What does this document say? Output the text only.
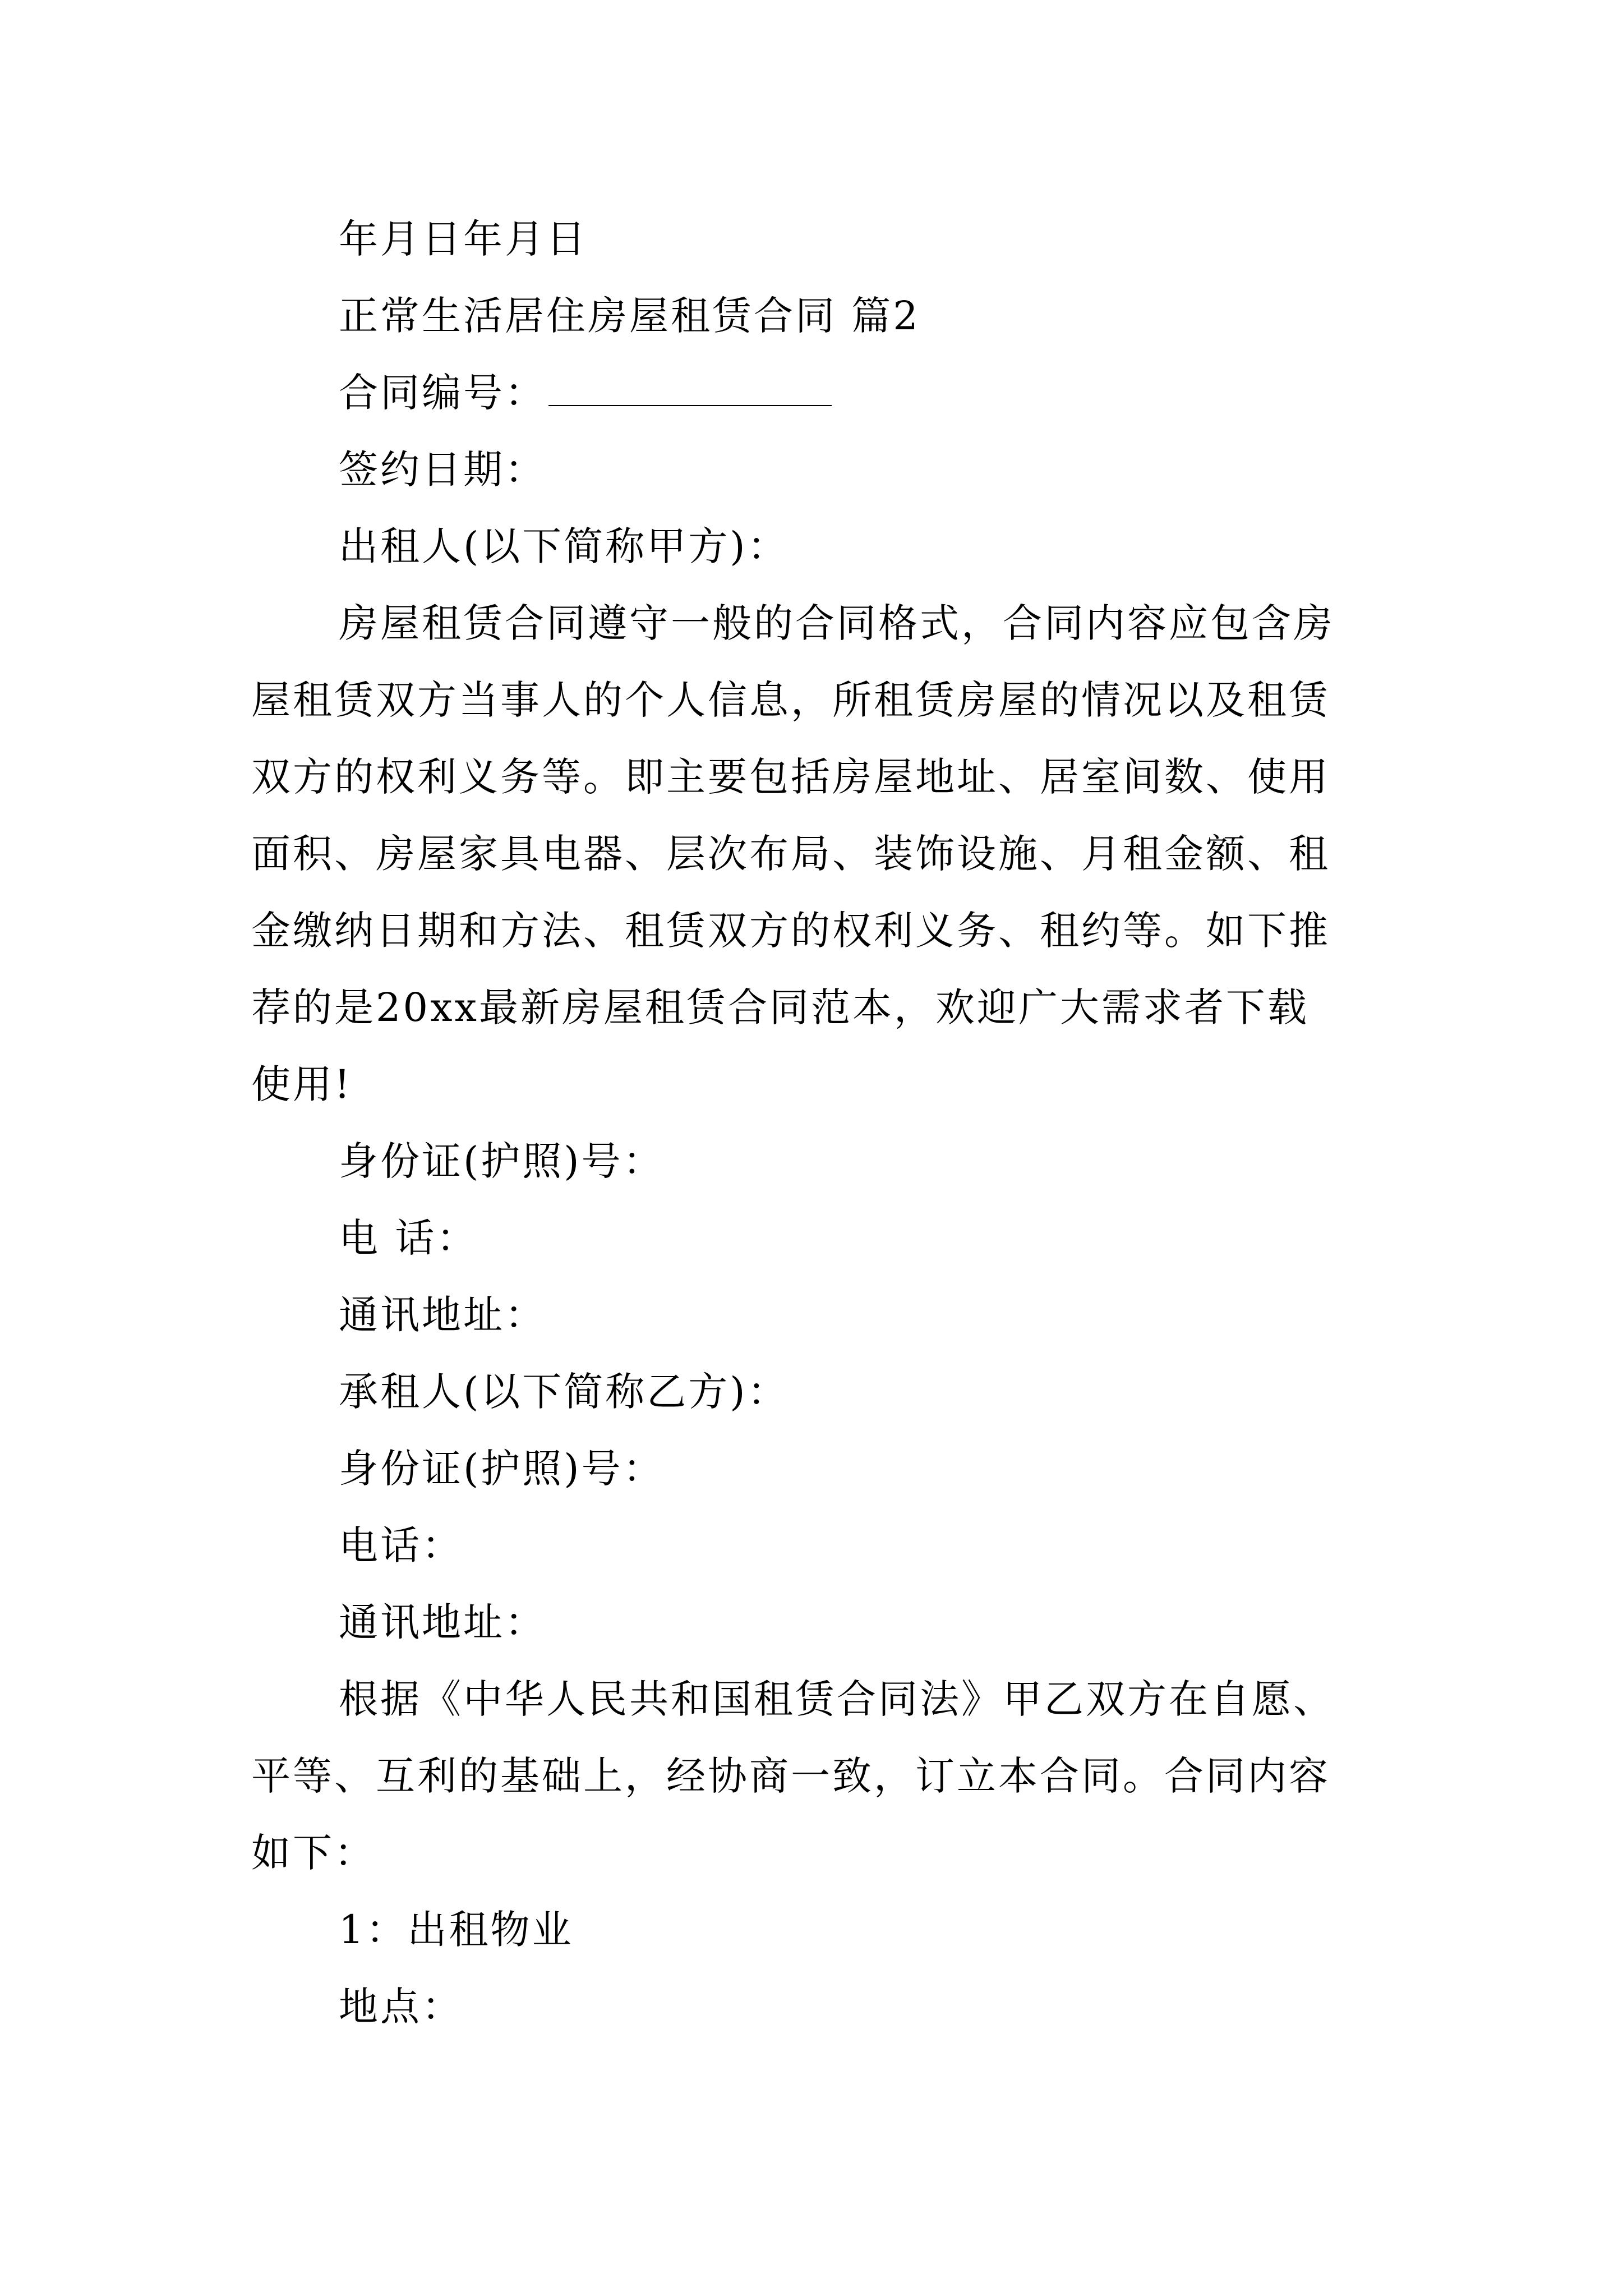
年月日年月日
正常生活居住房屋租赁合同 篇2
合同编号：
签约日期：
出租人(以下简称甲方)：
房屋租赁合同遵守一般的合同格式，合同内容应包含房
屋租赁双方当事人的个人信息，所租赁房屋的情况以及租赁
双方的权利义务等。即主要包括房屋地址、居室间数、使用
面积、房屋家具电器、层次布局、装饰设施、月租金额、租
金缴纳日期和方法、租赁双方的权利义务、租约等。如下推
荐的是20xx最新房屋租赁合同范本，欢迎广大需求者下载
使用!
身份证(护照)号：
电 话：
通讯地址：
承租人(以下简称乙方)：
身份证(护照)号：
电话：
通讯地址：
根据《中华人民共和国租赁合同法》甲乙双方在自愿、
平等、互利的基础上，经协商一致，订立本合同。合同内容
如下：
1：出租物业
地点：
